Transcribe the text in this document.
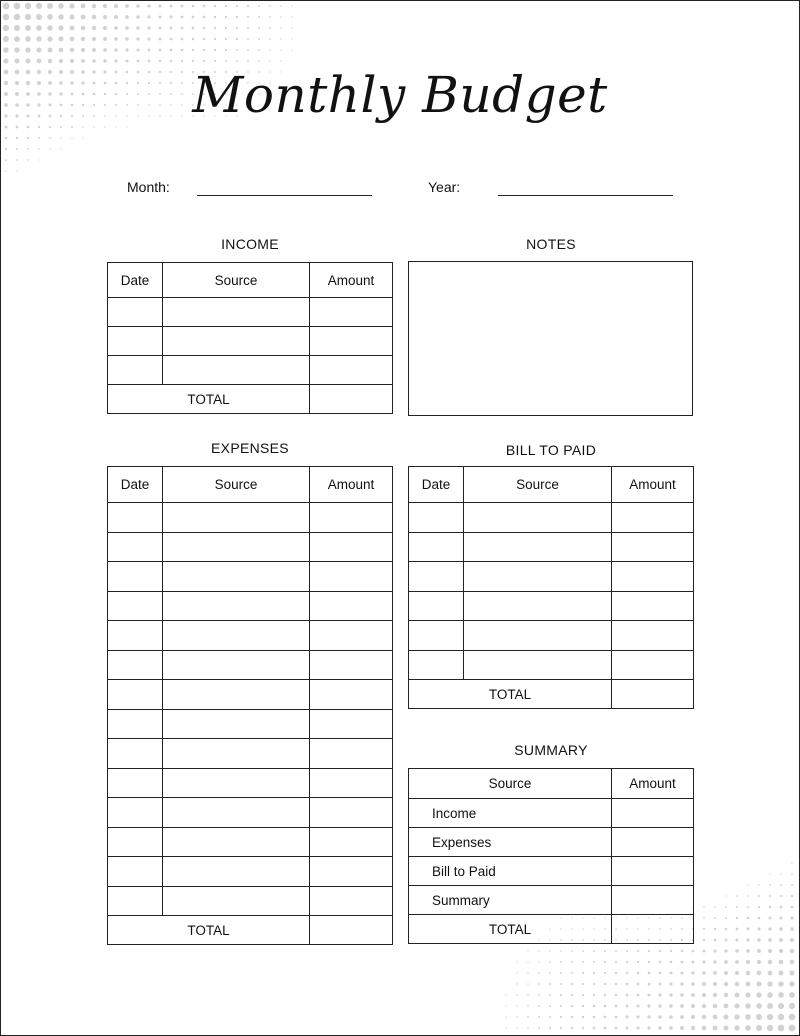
Monthly Budget
Month:	Year:
INCOME
Date	Source	Amount

TOTAL		
NOTES
EXPENSES
Date	Source	Amount

TOTAL		
BILL TO PAID
Date	Source	Amount

TOTAL		
SUMMARY
Source	Amount
Income	
Expenses	
Bill to Paid	
Summary	
TOTAL	
